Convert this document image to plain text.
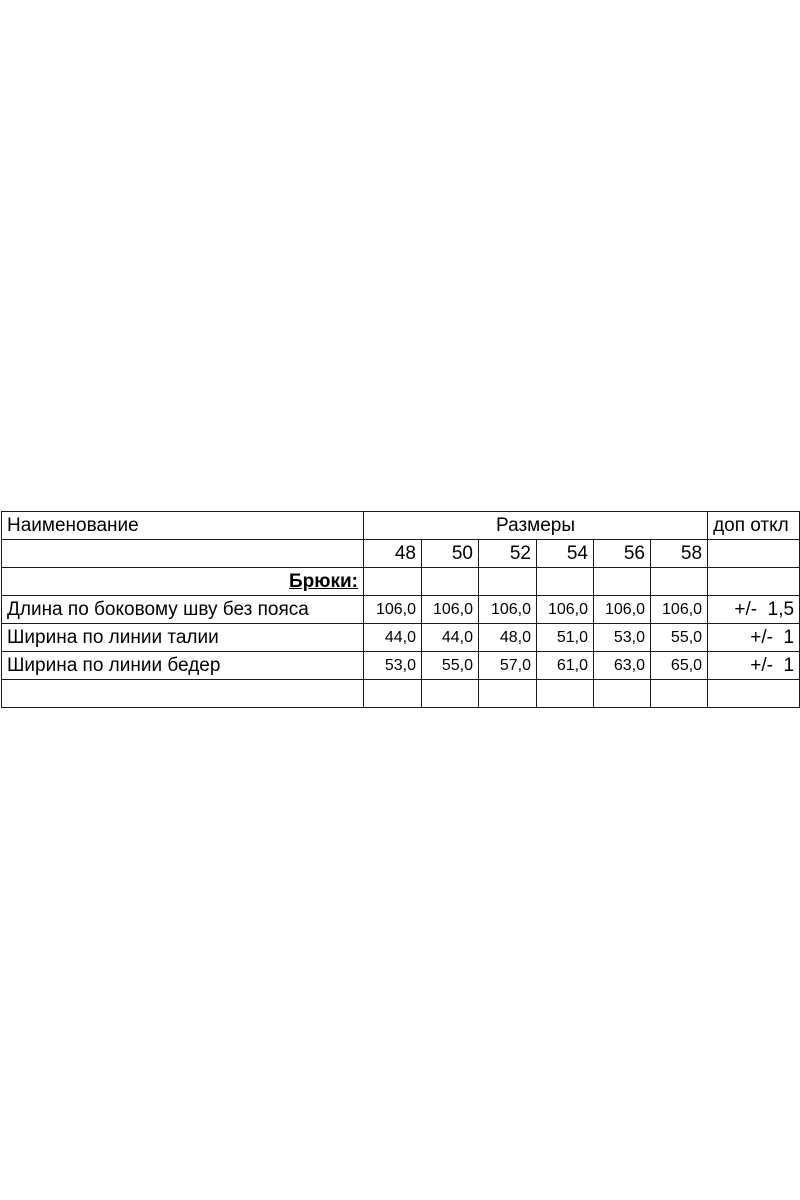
Наименование	Размеры						доп откл
	48	50	52	54	56	58	
Брюки:							
Длина по боковому шву без пояса	106,0	106,0	106,0	106,0	106,0	106,0	+/-  1,5
Ширина по линии талии	44,0	44,0	48,0	51,0	53,0	55,0	+/-  1
Ширина по линии бедер	53,0	55,0	57,0	61,0	63,0	65,0	+/-  1
